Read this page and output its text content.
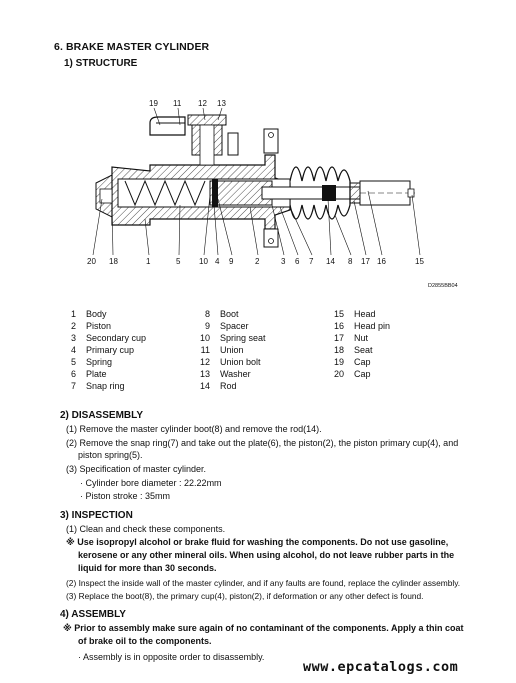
6. BRAKE MASTER CYLINDER
1) STRUCTURE
19 11 12 13
20 18	1	5 10 4 9	2	3 6 7 14 8 17 16	15
D2855BB04
1	Body	8	Boot	15	Head
2	Piston	9	Spacer	16	Head pin
3	Secondary cup	10	Spring seat	17	Nut
4	Primary cup	11	Union	18	Seat
5	Spring	12	Union bolt	19	Cap
6	Plate	13	Washer	20	Cap
7	Snap ring	14	Rod		
2) DISASSEMBLY
(1) Remove the master cylinder boot(8) and remove the rod(14).
(2) Remove the snap ring(7) and take out the plate(6), the piston(2), the piston primary cup(4), and
piston spring(5).
(3) Specification of master cylinder.
· Cylinder bore diameter : 22.22mm
· Piston stroke : 35mm
3) INSPECTION
(1) Clean and check these components.
※ Use isopropyl alcohol or brake fluid for washing the components. Do not use gasoline,
kerosene or any other mineral oils. When using alcohol, do not leave rubber parts in the
liquid for more than 30 seconds.
(2) Inspect the inside wall of the master cylinder, and if any faults are found, replace the cylinder assembly.
(3) Replace the boot(8), the primary cup(4), piston(2), if deformation or any other defect is found.
4) ASSEMBLY
※ Prior to assembly make sure again of no contaminant of the components. Apply a thin coat
of brake oil to the components.
· Assembly is in opposite order to disassembly.
www.epcatalogs.com
